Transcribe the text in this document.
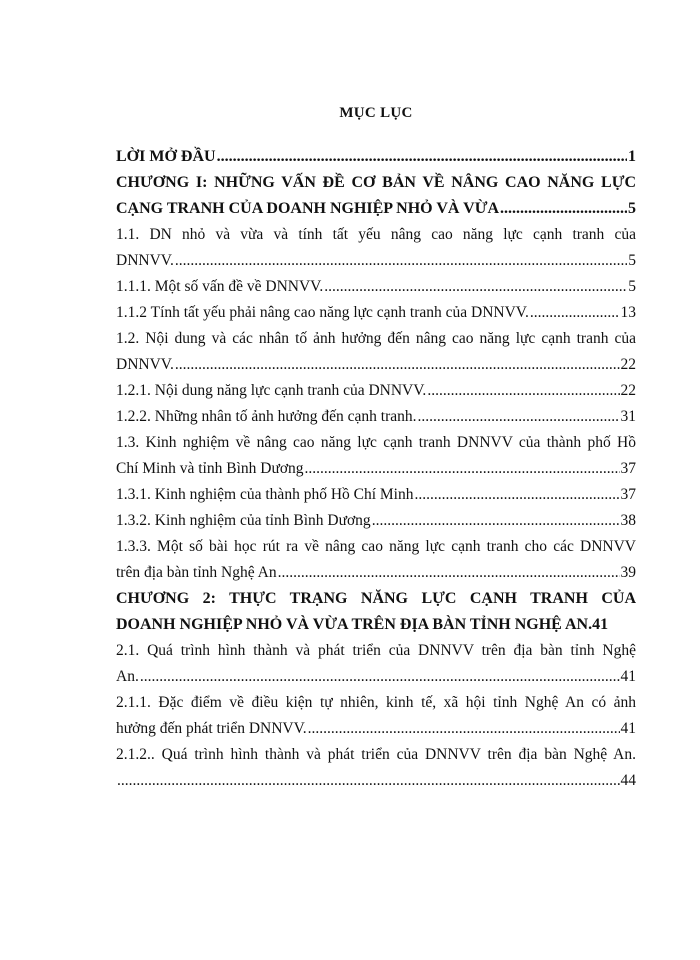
MỤC LỤC
LỜI MỞ ĐẦU .....	1
CHƯƠNG I: NHỮNG VẤN ĐỀ CƠ BẢN VỀ NÂNG CAO NĂNG LỰC
CẠNG TRANH CỦA DOANH NGHIỆP NHỎ VÀ VỪA .....	5
1.1. DN nhỏ và vừa và tính tất yếu nâng cao năng lực cạnh tranh của
DNNVV. .....	5
1.1.1. Một số vấn đề về DNNVV. .....	5
1.1.2 Tính tất yếu phải nâng cao năng lực cạnh tranh của DNNVV. .....	13
1.2. Nội dung và các nhân tố ảnh hưởng đến nâng cao năng lực cạnh tranh của
DNNVV. .....	22
1.2.1. Nội dung năng lực cạnh tranh của DNNVV. .....	22
1.2.2. Những nhân tố ảnh hưởng đến cạnh tranh. .....	31
1.3. Kinh nghiệm về nâng cao năng lực cạnh tranh DNNVV của thành phố Hồ
Chí Minh và tỉnh Bình Dương .....	37
1.3.1. Kinh nghiệm của thành phố Hồ Chí Minh .....	37
1.3.2. Kinh nghiệm của tỉnh Bình Dương .....	38
1.3.3. Một số bài học rút ra về nâng cao năng lực cạnh tranh cho các DNNVV
trên địa bàn tỉnh Nghệ An .....	39
CHƯƠNG 2: THỰC TRẠNG NĂNG LỰC CẠNH TRANH CỦA
DOANH NGHIỆP NHỎ VÀ VỪA TRÊN ĐỊA BÀN TỈNH NGHỆ AN. 41
2.1. Quá trình hình thành và phát triển của DNNVV trên địa bàn tỉnh Nghệ
An. .....	41
2.1.1. Đặc điểm về điều kiện tự nhiên, kinh tế, xã hội tỉnh Nghệ An có ảnh
hưởng đến phát triển DNNVV. .....	41
2.1.2.. Quá trình hình thành và phát triển của DNNVV trên địa bàn Nghệ An.
.....
44
